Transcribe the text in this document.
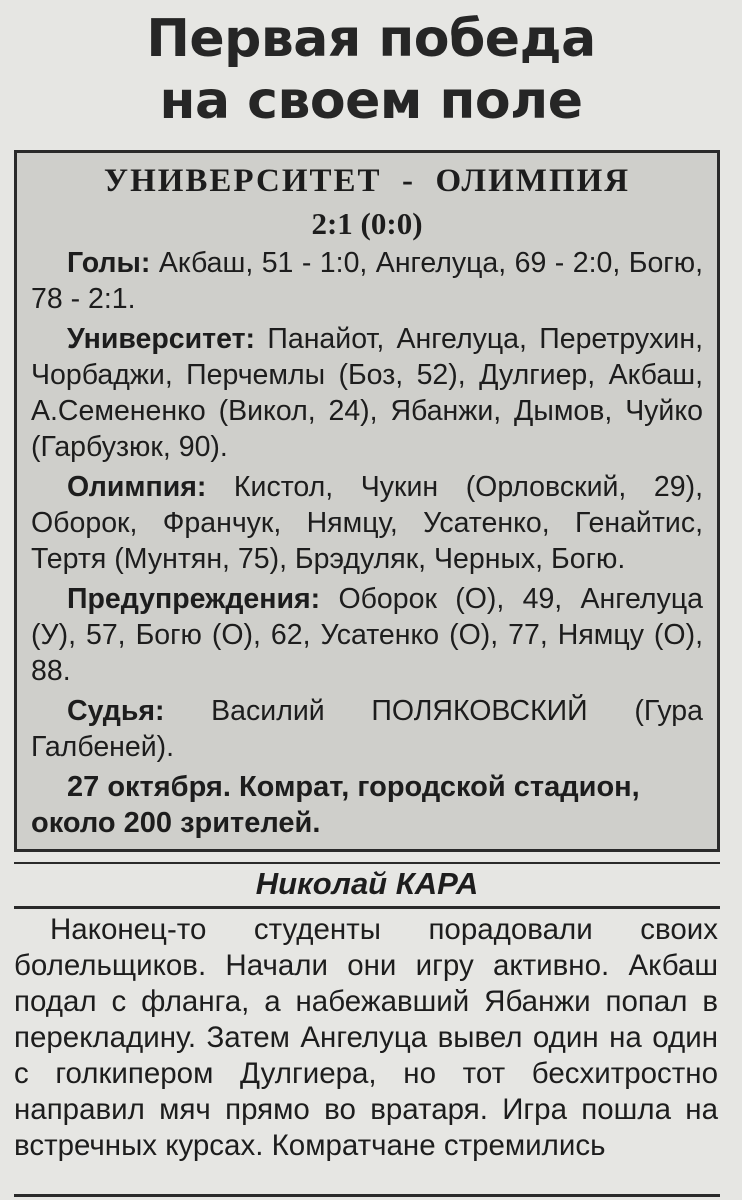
Первая победа
на своем поле
УНИВЕРСИТЕТ  -  ОЛИМПИЯ
2:1 (0:0)

Голы: Акбаш, 51 - 1:0, Ангелуца, 69 - 2:0, Богю, 78 - 2:1.

Университет: Панайот, Ангелуца, Перетрухин, Чорбаджи, Перчемлы (Боз, 52), Дулгиер, Акбаш, А.Семененко (Викол, 24), Ябанжи, Дымов, Чуйко (Гарбузюк, 90).

Олимпия: Кистол, Чукин (Орловский, 29), Оборок, Франчук, Нямцу, Усатенко, Генайтис, Тертя (Мунтян, 75), Брэдуляк, Черных, Богю.

Предупреждения: Оборок (О), 49, Ангелуца (У), 57, Богю (О), 62, Усатенко (О), 77, Нямцу (О), 88.

Судья: Василий ПОЛЯКОВСКИЙ (Гура Галбеней).

27 октября. Комрат, городской стадион, около 200 зрителей.
Николай КАРА

Наконец-то студенты порадовали своих болельщиков. Начали они игру активно. Акбаш подал с фланга, а набежавший Ябанжи попал в перекладину. Затем Ангелуца вывел один на один с голкипером Дулгиера, но тот бесхитростно направил мяч прямо во вратаря. Игра пошла на встречных курсах. Комратчане стремились
